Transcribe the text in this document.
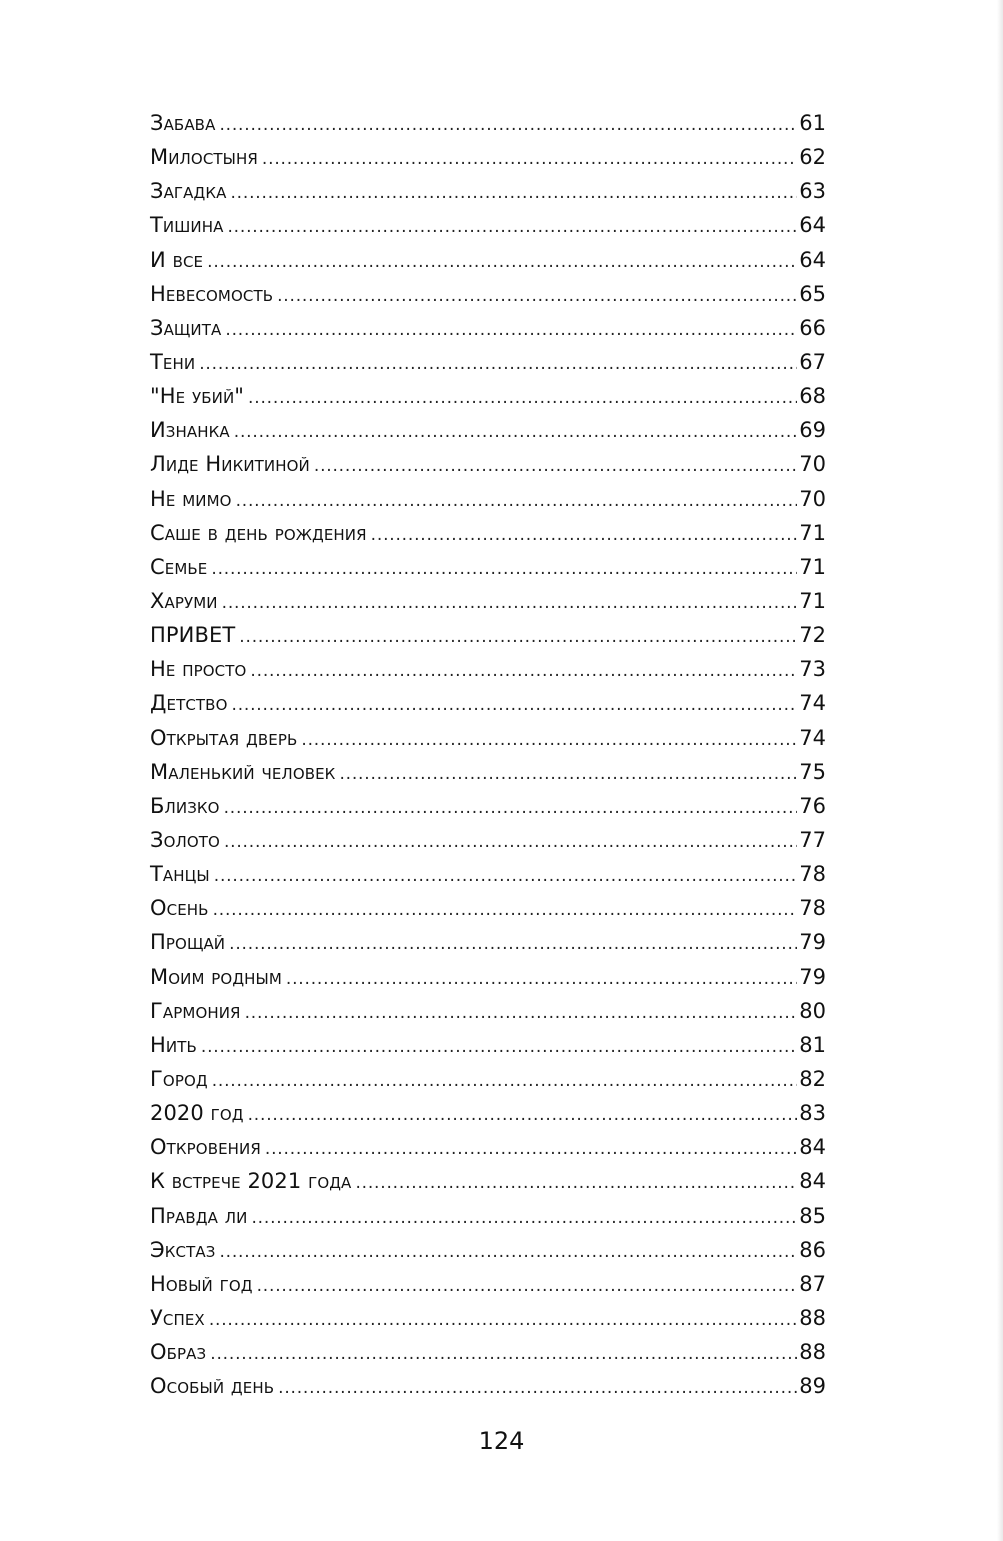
Забава .....	61
Милостыня .....	62
Загадка .....	63
Тишина .....	64
И все .....	64
Невесомость .....	65
Защита .....	66
Тени .....	67
"Не убий" .....	68
Изнанка .....	69
Лиде Никитиной .....	70
Не мимо .....	70
Саше в день рождения .....	71
Семье .....	71
Харуми .....	71
ПРИВЕТ .....	72
Не просто .....	73
Детство .....	74
Открытая дверь .....	74
Маленький человек .....	75
Близко .....	76
Золото .....	77
Танцы .....	78
Осень .....	78
Прощай .....	79
Моим родным .....	79
Гармония .....	80
Нить .....	81
Город .....	82
2020 год .....	83
Откровения .....	84
К встрече 2021 года .....	84
Правда ли .....	85
Экстаз .....	86
Новый год .....	87
Успех .....	88
Образ .....	88
Особый день .....	89
124
